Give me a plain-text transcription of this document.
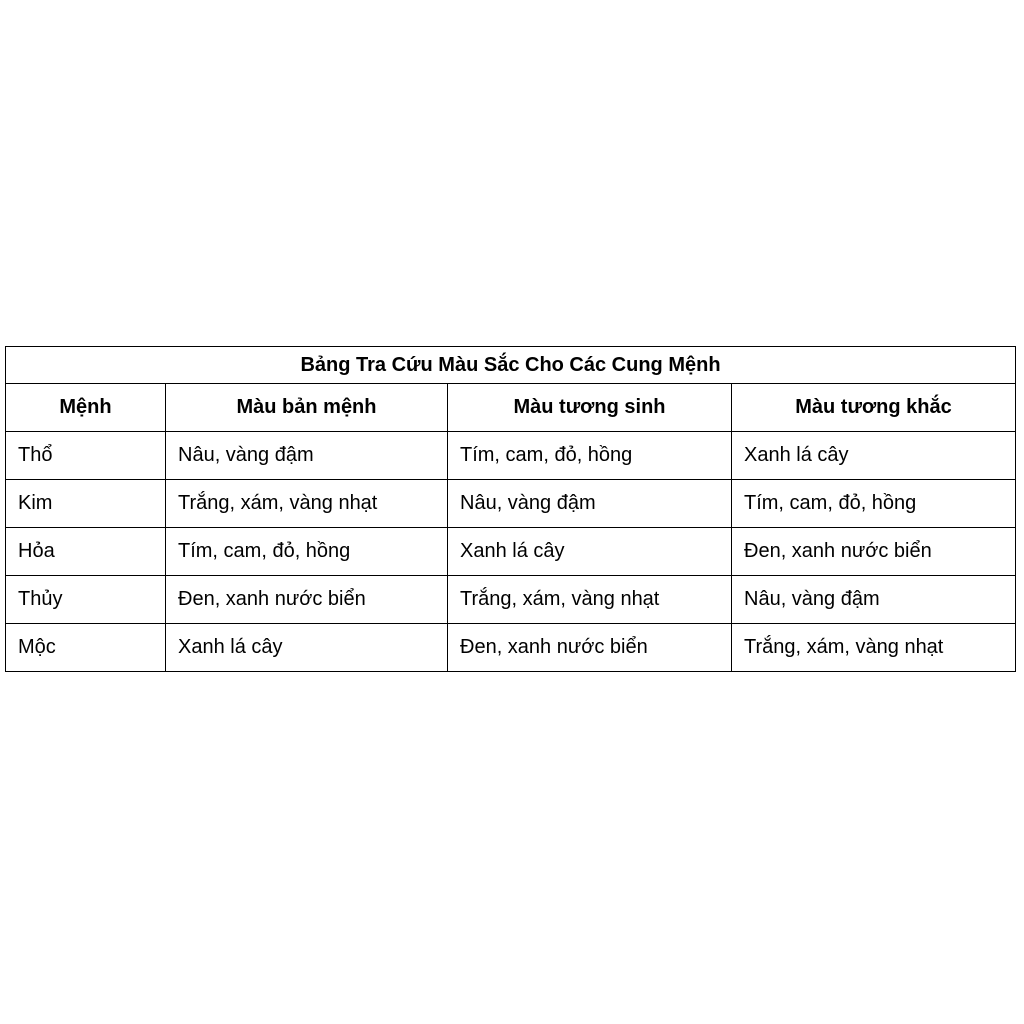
Bảng Tra Cứu Màu Sắc Cho Các Cung Mệnh			
Mệnh	Màu bản mệnh	Màu tương sinh	Màu tương khắc
Thổ	Nâu, vàng đậm	Tím, cam, đỏ, hồng	Xanh lá cây
Kim	Trắng, xám, vàng nhạt	Nâu, vàng đậm	Tím, cam, đỏ, hồng
Hỏa	Tím, cam, đỏ, hồng	Xanh lá cây	Đen, xanh nước biển
Thủy	Đen, xanh nước biển	Trắng, xám, vàng nhạt	Nâu, vàng đậm
Mộc	Xanh lá cây	Đen, xanh nước biển	Trắng, xám, vàng nhạt
